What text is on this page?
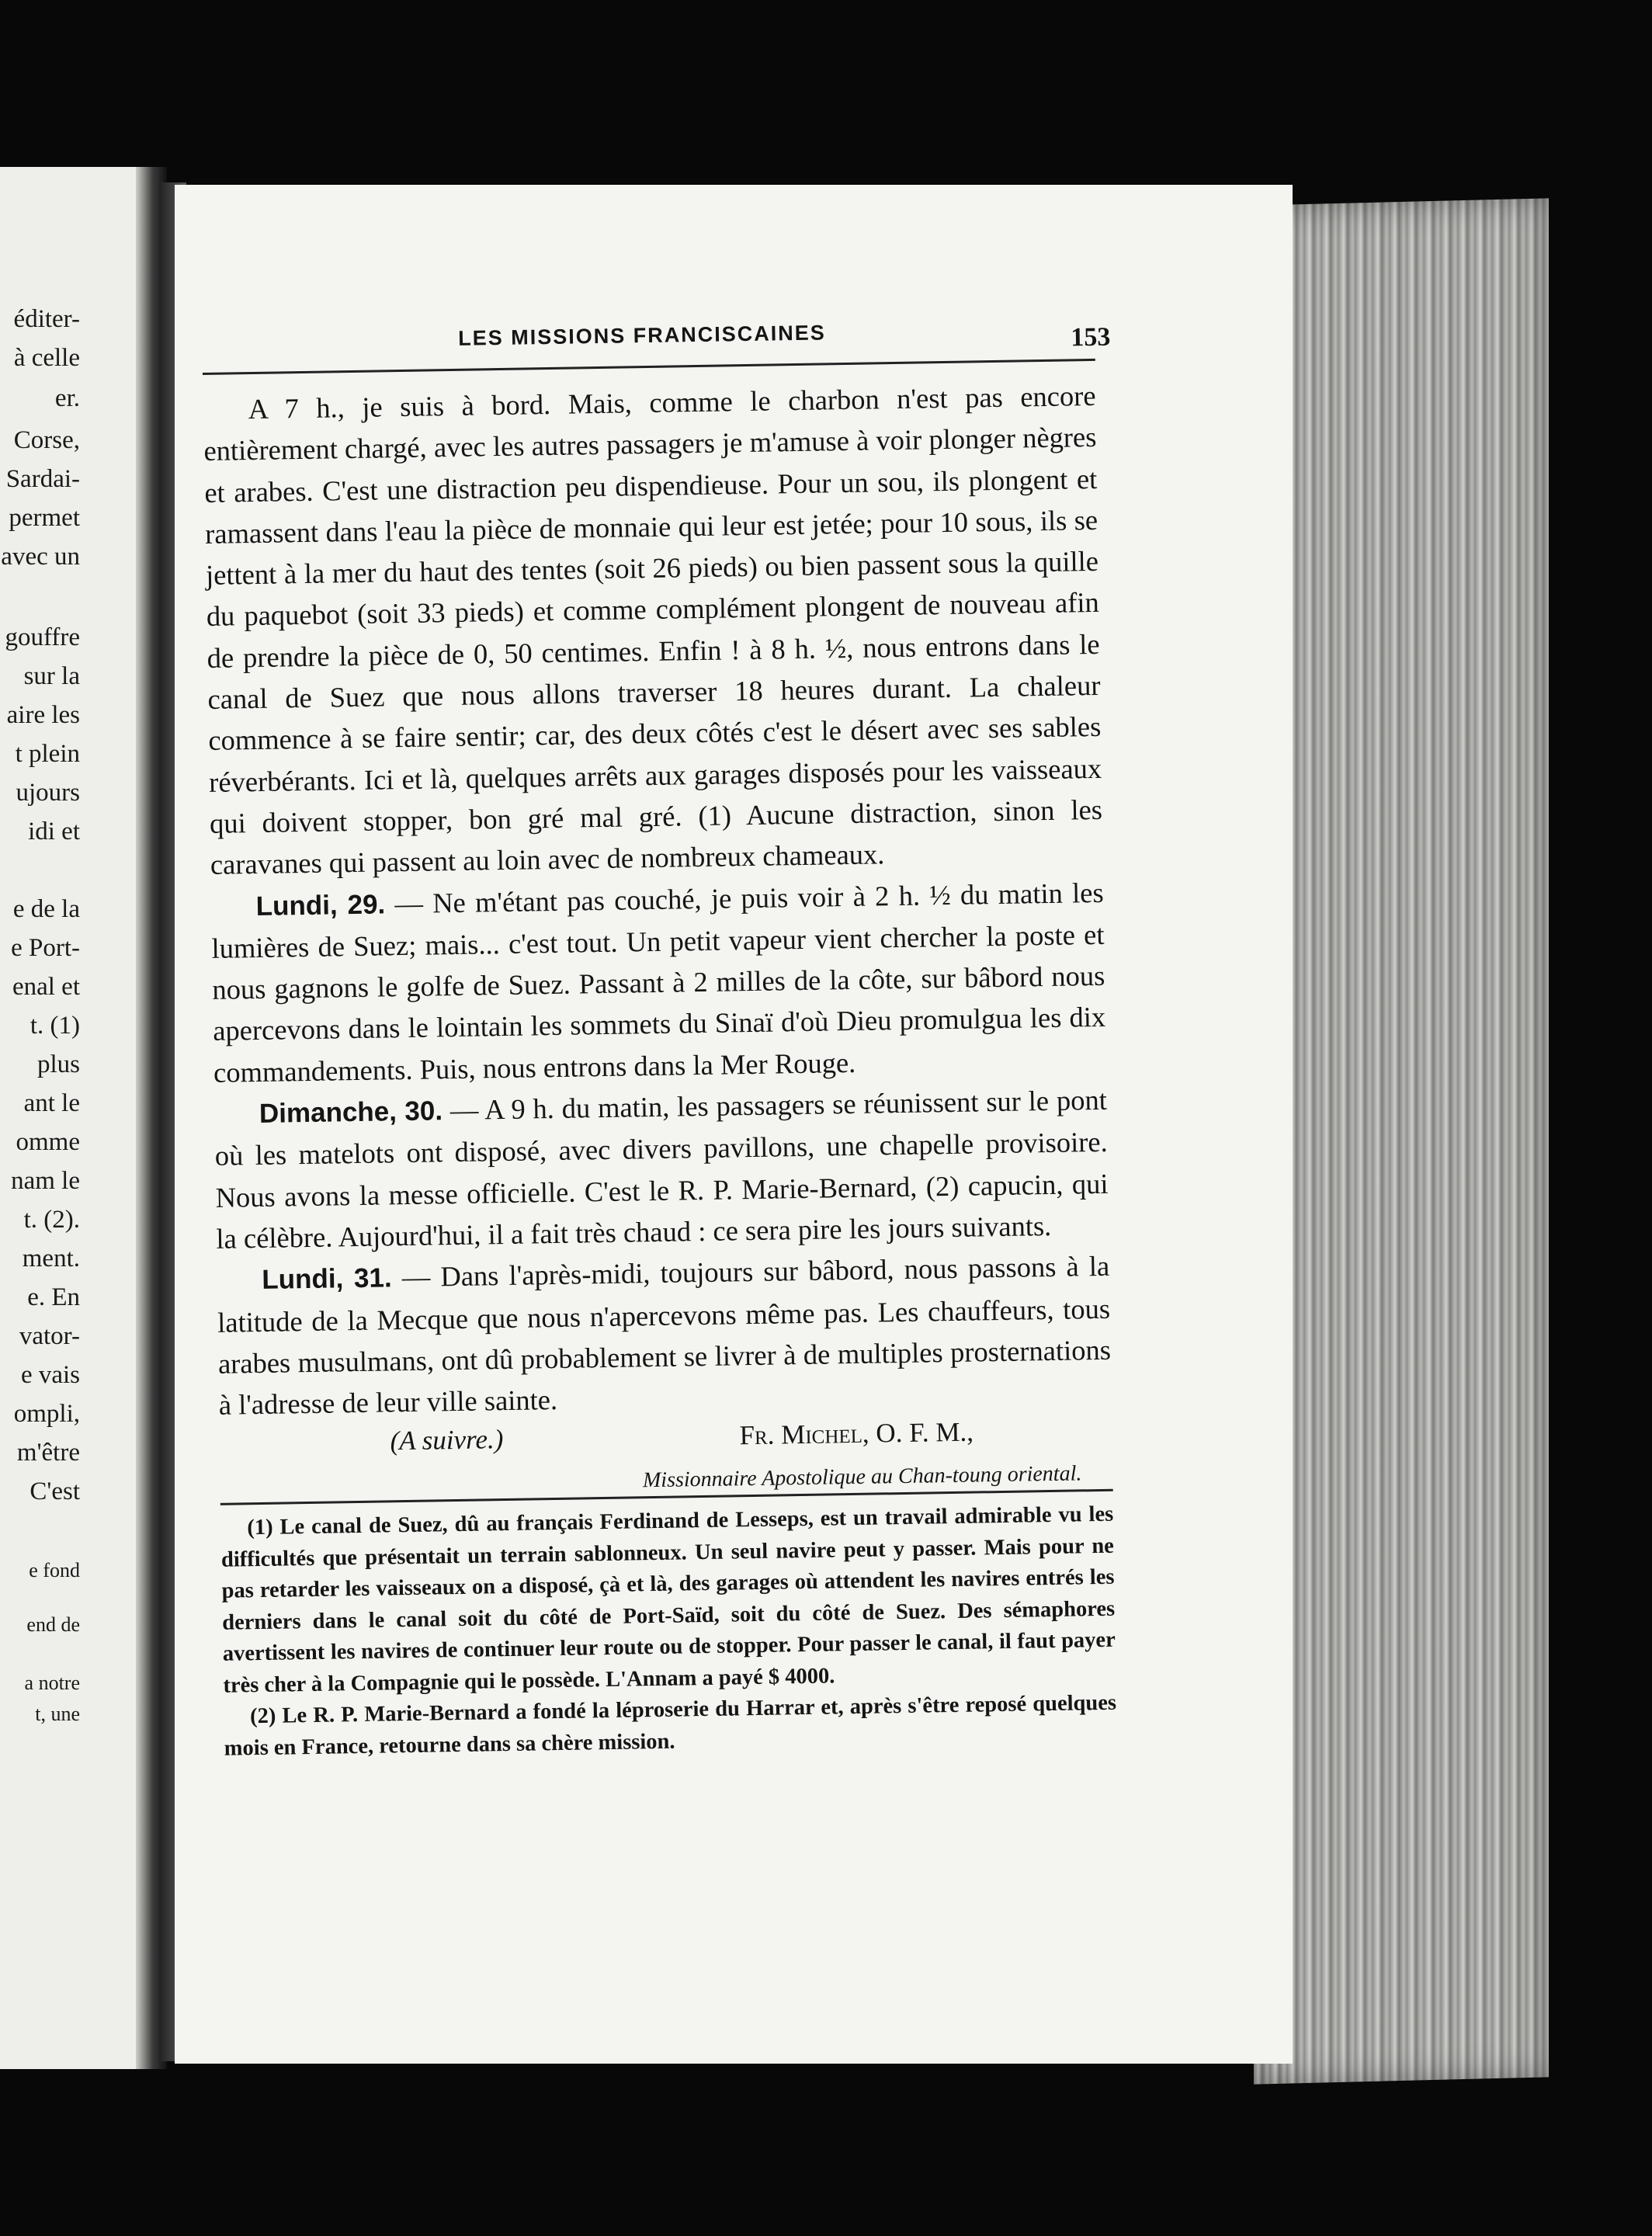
éditer-
à celle
er.
Corse,
Sardai-
permet
avec un
gouffre
sur la
aire les
t plein
ujours
idi et
e de la
e Port-
enal et
t. (1)
plus
ant le
omme
nam le
t. (2).
ment.
e. En
vator-
e vais
ompli,
m'être
C'est
e fond
end de
a notre
t, une
LES MISSIONS FRANCISCAINES	153

A 7 h., je suis à bord. Mais, comme le charbon n'est pas encore entièrement chargé, avec les autres passagers je m'amuse à voir plonger nègres et arabes. C'est une distraction peu dispendieuse. Pour un sou, ils plongent et ramassent dans l'eau la pièce de monnaie qui leur est jetée; pour 10 sous, ils se jettent à la mer du haut des tentes (soit 26 pieds) ou bien passent sous la quille du paquebot (soit 33 pieds) et comme complément plongent de nouveau afin de prendre la pièce de 0, 50 centimes. Enfin ! à 8 h. ½, nous entrons dans le canal de Suez que nous allons traverser 18 heures durant. La chaleur commence à se faire sentir; car, des deux côtés c'est le désert avec ses sables réverbérants. Ici et là, quelques arrêts aux garages disposés pour les vaisseaux qui doivent stopper, bon gré mal gré. (1) Aucune distraction, sinon les caravanes qui passent au loin avec de nombreux chameaux.

Lundi, 29. — Ne m'étant pas couché, je puis voir à 2 h. ½ du matin les lumières de Suez; mais... c'est tout. Un petit vapeur vient chercher la poste et nous gagnons le golfe de Suez. Passant à 2 milles de la côte, sur bâbord nous apercevons dans le lointain les sommets du Sinaï d'où Dieu promulgua les dix commandements. Puis, nous entrons dans la Mer Rouge.

Dimanche, 30. — A 9 h. du matin, les passagers se réunissent sur le pont où les matelots ont disposé, avec divers pavillons, une chapelle provisoire. Nous avons la messe officielle. C'est le R. P. Marie-Bernard, (2) capucin, qui la célèbre. Aujourd'hui, il a fait très chaud : ce sera pire les jours suivants.

Lundi, 31. — Dans l'après-midi, toujours sur bâbord, nous passons à la latitude de la Mecque que nous n'apercevons même pas. Les chauffeurs, tous arabes musulmans, ont dû probablement se livrer à de multiples prosternations à l'adresse de leur ville sainte.

(A suivre.)	Fr. Michel, O. F. M.,
Missionnaire Apostolique au Chan-toung oriental.

(1) Le canal de Suez, dû au français Ferdinand de Lesseps, est un travail admirable vu les difficultés que présentait un terrain sablonneux. Un seul navire peut y passer. Mais pour ne pas retarder les vaisseaux on a disposé, çà et là, des garages où attendent les navires entrés les derniers dans le canal soit du côté de Port-Saïd, soit du côté de Suez. Des sémaphores avertissent les navires de continuer leur route ou de stopper. Pour passer le canal, il faut payer très cher à la Compagnie qui le possède. L'Annam a payé $ 4000.

(2) Le R. P. Marie-Bernard a fondé la léproserie du Harrar et, après s'être reposé quelques mois en France, retourne dans sa chère mission.
